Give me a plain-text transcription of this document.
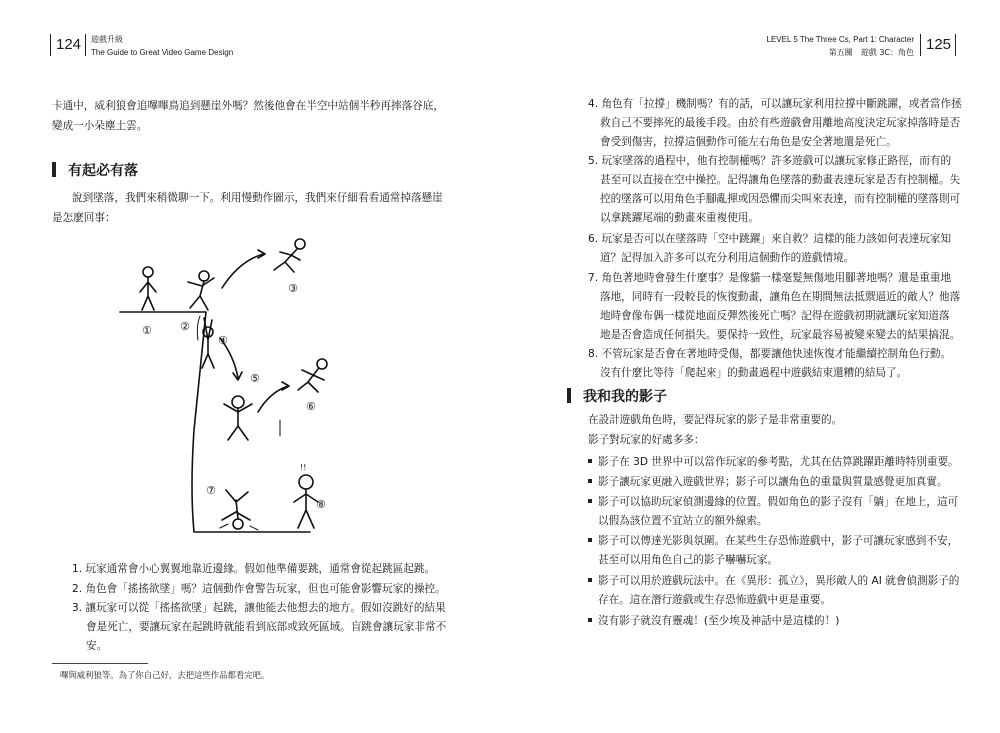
124 遊戲升級
The Guide to Great Video Game Design
卡通中，威利狼會追嗶嗶鳥追到懸崖外嗎？然後他會在半空中站個半秒再摔落谷底，
變成一小朵塵土雲。
有起必有落
說到墜落，我們來稍微聊一下。利用慢動作圖示，我們來仔細看看通常掉落懸崖
是怎麼回事：
①	②
③
④
⑤
⑥
⑦
⑧
!!
1. 玩家通常會小心翼翼地靠近邊緣。假如他準備要跳，通常會從起跳區起跳。
2. 角色會「搖搖欲墜」嗎？這個動作會警告玩家，但也可能會影響玩家的操控。
3. 讓玩家可以從「搖搖欲墜」起跳，讓他能去他想去的地方。假如沒跳好的結果
會是死亡，要讓玩家在起跳時就能看到底部或致死區域。盲跳會讓玩家非常不
安。
嗶與威利狼等。為了你自己好，去把這些作品都看完吧。
LEVEL 5 The Three Cs, Part 1: Character
第五關　遊戲 3C：角色 125
4. 角色有「拉撐」機制嗎？有的話，可以讓玩家利用拉撐中斷跳躍，或者當作拯
救自己不要摔死的最後手段。由於有些遊戲會用離地高度決定玩家掉落時是否
會受到傷害，拉撐這個動作可能左右角色是安全著地還是死亡。
5. 玩家墜落的過程中，他有控制權嗎？許多遊戲可以讓玩家修正路徑，而有的
甚至可以直接在空中操控。記得讓角色墜落的動畫表達玩家是否有控制權。失
控的墜落可以用角色手腳亂揮或因恐懼而尖叫來表達，而有控制權的墜落則可
以拿跳躍尾端的動畫來重複使用。
6. 玩家是否可以在墜落時「空中跳躍」來自救？這樣的能力該如何表達玩家知
道？記得加入許多可以充分利用這個動作的遊戲情境。
7. 角色著地時會發生什麼事？是像貓一樣毫髮無傷地用腳著地嗎？還是重重地
落地，同時有一段較長的恢復動畫，讓角色在期間無法抵禦逼近的敵人？他落
地時會像布偶一樣從地面反彈然後死亡嗎？記得在遊戲初期就讓玩家知道落
地是否會造成任何損失。要保持一致性，玩家最容易被變來變去的結果搞混。
8. 不管玩家是否會在著地時受傷，都要讓他快速恢復才能繼續控制角色行動。
沒有什麼比等待「爬起來」的動畫過程中遊戲結束還糟的結局了。
我和我的影子
在設計遊戲角色時，要記得玩家的影子是非常重要的。
影子對玩家的好處多多：
影子在 3D 世界中可以當作玩家的參考點，尤其在估算跳躍距離時特別重要。
影子讓玩家更融入遊戲世界；影子可以讓角色的重量與質量感覺更加真實。
影子可以協助玩家偵測邊緣的位置。假如角色的影子沒有「躺」在地上，這可
以假為該位置不宜站立的額外線索。
影子可以傳達光影與氛圍。在某些生存恐怖遊戲中，影子可讓玩家感到不安，
甚至可以用角色自己的影子嚇嚇玩家。
影子可以用於遊戲玩法中。在《異形：孤立》，異形敵人的 AI 就會偵測影子的
存在。這在潛行遊戲或生存恐怖遊戲中更是重要。
沒有影子就沒有靈魂！(至少埃及神話中是這樣的！)
